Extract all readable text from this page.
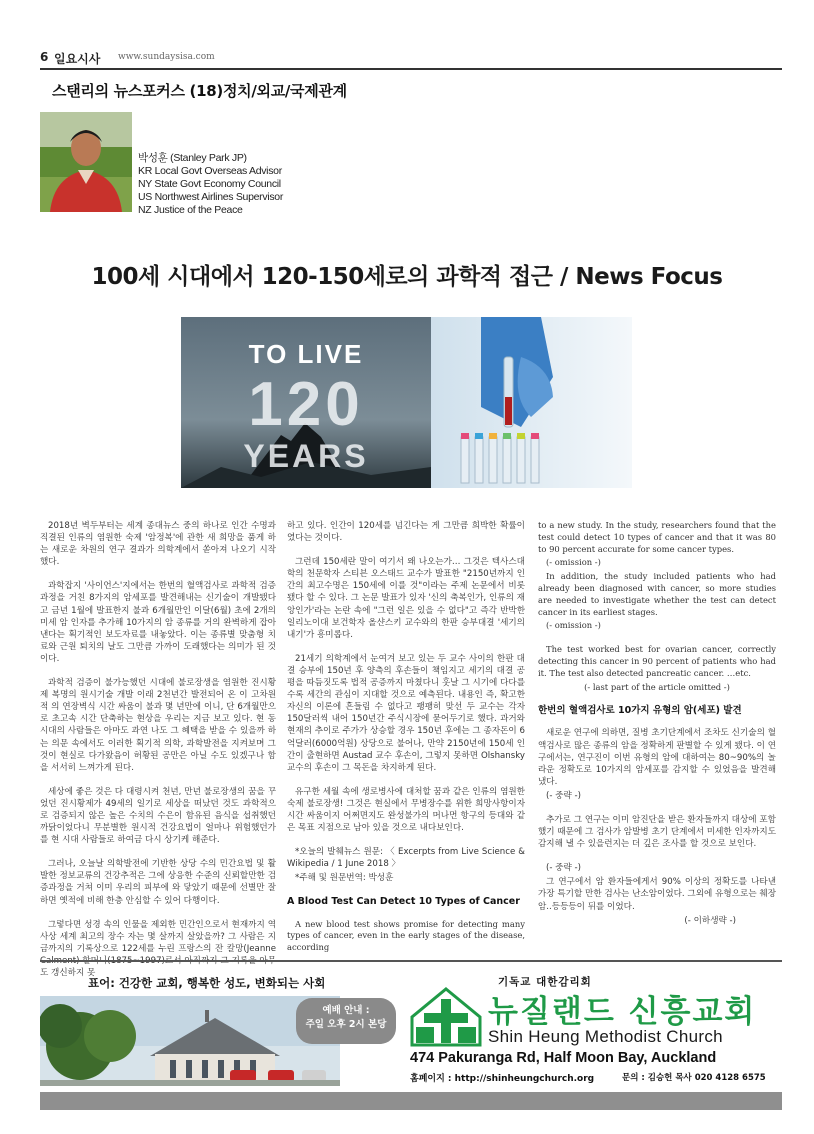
6 일요시사 www.sundaysisa.com
스탠리의 뉴스포커스 (18)정치/외교/국제관계
박성훈 (Stanley Park JP)
KR Local Govt Overseas Advisor
NY State Govt Economy Council
US Northwest Airlines Supervisor
NZ Justice of the Peace
100세 시대에서 120-150세로의 과학적 접근 / News Focus
TO LIVE
120
YEARS

2018년 벽두부터는 세계 종대뉴스 중의 하나로 인간 수명과 직결된 인류의 염원한 숙제 '암정복'에 관한 새 희망을 품게 하는 새로운 차원의 연구 결과가 의학계에서 쏟아져 나오기 시작했다.

과학잡지 '사이언스'지에서는 한번의 혈액검사로 과학적 검증 과정을 거친 8가지의 암세포를 발견해내는 신기술이 개발됐다고 금년 1월에 발표한지 불과 6개월만인 이달(6월) 초에 2개의 미세 암 인자를 추가해 10가지의 암 종류를 거의 완벽하게 잡아낸다는 획기적인 보도자료를 내놓았다. 이는 종류별 맞춤형 치료와 근원 퇴치의 날도 그만큼 가까이 도래했다는 의미가 된 것이다.

과학적 검증이 불가능했던 시대에 불로장생을 염원한 진시황제 복명의 원시기술 개발 이래 2천년간 발전되어 온 이 고차원적 의 연장벽식 시간 싸움이 불과 몇 년만에 이니, 단 6개월만으로 초고속 시간 단축하는 현상을 우리는 지금 보고 있다. 현 동시대의 사람들은 아마도 과연 나도 그 혜택을 받을 수 있을까 하는 의문 속에서도 이러한 획기적 의학, 과학발전을 지켜보며 그것이 현실로 다가왔음이 허황된 공만은 아닐 수도 있겠구나 함을 서서히 느껴가게 된다.

세상에 좋은 것은 다 대령시켜 천년, 만년 불로장생의 꿈을 꾸었던 진시황제가 49세의 일기로 세상을 떠났던 것도 과학적으로 검증되지 않은 높은 수치의 수은이 함유된 음식을 섭취했던 까닭이었다니 무분별한 원시적 건강요법이 얼마나 위험했던가를 현 시대 사람들로 하여금 다시 상기케 해준다.

그러나, 오늘날 의학발전에 기반한 상당 수의 민간요법 및 활발한 정보교류의 건강추적은 그에 상응한 수준의 신뢰할만한 검증과정을 거쳐 이미 우리의 피부에 와 닿았기 때문에 선별만 잘 하면 옛적에 비해 한층 안심할 수 있어 다행이다.

그렇다면 성경 속의 인물을 제외한 민간인으로서 현재까지 역사상 세계 최고의 장수 자는 몇 살까지 살았을까? 그 사람은 지금까지의 기록상으로 122세를 누린 프랑스의 잔 칼망(Jeanne 도 갱신하지 못

하고 있다. 인간이 120세를 넘긴다는 게 그만큼 희박한 확률이였다는 것이다.

그런데 150세란 말이 여기서 왜 나오는가… 그것은 텍사스대학의 천문학자 스티븐 오스태드 교수가 발표한 "2150년까지 인간의 최고수명은 150세에 이를 것"이라는 주제 논문에서 비롯됐다 할 수 있다. 그 논문 발표가 있자 '신의 축복인가, 인류의 재앙인가'라는 논란 속에 "그런 일은 있을 수 없다"고 즉각 반박한 일리노이대 보건학자 올샨스키 교수와의 한판 승부대결 '세기의 내기'가 흥미롭다.

21세기 의학계에서 눈여겨 보고 있는 두 교수 사이의 한판 대결 승부에 150년 후 양측의 후손들이 책임지고 세기의 대결 공평을 따듬짓도록 법적 공증까지 마쳤다니 훗날 그 시기에 다다를수록 세간의 관심이 지대할 것으로 예측된다. 내용인 즉, 확고한 자신의 이론에 흔들림 수 없다고 팽팽히 맞선 두 교수는 각자 150달러씩 내어 150년간 주식시장에 묻어두기로 했다. 과거와 현재의 추이로 주가가 상승할 경우 150년 후에는 그 종자돈이 6억달러(6000억원) 상당으로 불어나, 만약 2150년에 150세 인간이 출현하면 Austad 교수 후손이, 그렇지 못하면 Olshansky 교수의 후손이 그 목돈을 차지하게 된다.

유구한 세월 속에 생로병사에 대처할 꿈과 같은 인류의 염원한 숙제 불로장생! 그것은 현실에서 무병장수를 위한 희망사항이자 시간 싸움이지 어쩌면지도 완성불가의 머나먼 항구의 등대와 같은 목표 지점으로 남아 있을 것으로 내다보인다.

*오늘의 발췌뉴스 원문: 〈 Excerpts from Live Science & Wikipedia / 1 June 2018 〉

*주해 및 원문번역: 박성훈

A Blood Test Can Detect 10 Types of Cancer

A new blood test shows promise for detecting many types of cancer, even in the early stages of the disease, according

to a new study. In the study, researchers found that the test could detect 10 types of cancer and that it was 80 to 90 percent accurate for some cancer types.

(- omission -)

In addition, the study included patients who had already been diagnosed with cancer, so more studies are needed to investigate whether the test can detect cancer in its earliest stages.

(- omission -)

The test worked best for ovarian cancer, correctly detecting this cancer in 90 percent of patients who had it. The test also detected pancreatic cancer. …etc.

(- last part of the article omitted -)

한번의 혈액검사로 10가지 유형의 암(세포) 발견

새로운 연구에 의하면, 질병 초기단계에서 조차도 신기술의 혈액검사로 많은 종류의 암을 정확하게 판별할 수 있게 됐다. 이 연구에서는, 연구진이 이번 유형의 암에 대하여는 80~90%의 놀라운 정확도로 10가지의 암세포를 감지할 수 있었음을 발견해 냈다.

(- 중략 -)

추가로 그 연구는 이미 암진단을 받은 환자들까지 대상에 포함했기 때문에 그 검사가 암발병 초기 단계에서 미세한 인자까지도 감지해 낼 수 있을런지는 더 깊은 조사를 할 것으로 보인다.

(- 중략 -)

그 연구에서 암 환자들에게서 90% 이상의 정확도를 나타낸 가장 특기할 만한 검사는 난소암이었다. 그외에 유형으로는 췌장암..등등등이 뒤를 이었다.

(- 이하생략 -)

표어: 건강한 교회, 행복한 성도, 변화되는 사회
예배 안내 :
주일 오후 2시 본당
기독교 대한감리회
뉴질랜드 신흥교회
Shin Heung Methodist Church
474 Pakuranga Rd, Half Moon Bay, Auckland
홈페이지 : http://shinheungchurch.org	문의 : 김승헌 목사 020 4128 6575
